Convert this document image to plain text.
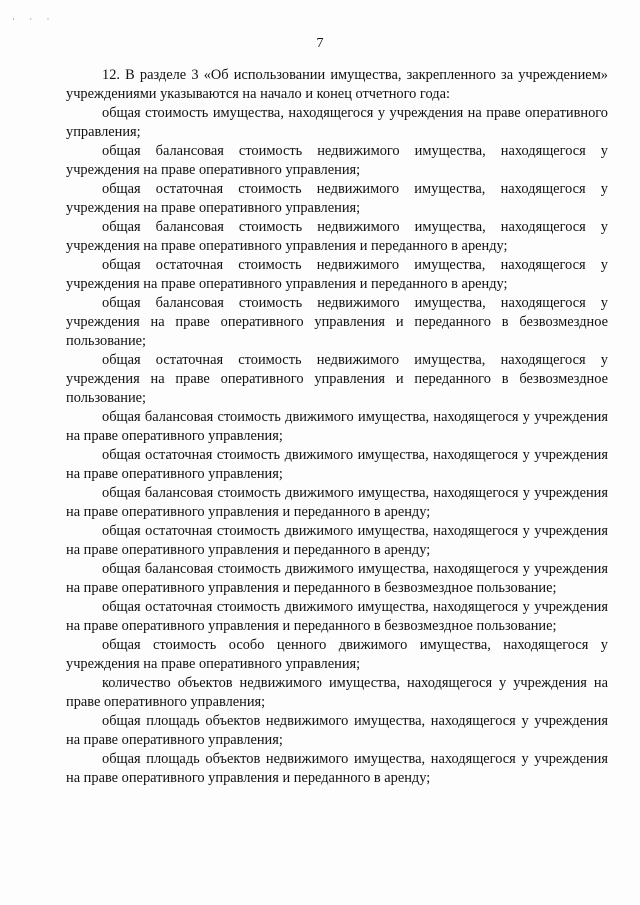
· · ·
7

12. В разделе 3 «Об использовании имущества, закрепленного за учреждением» учреждениями указываются на начало и конец отчетного года:

общая стоимость имущества, находящегося у учреждения на праве оперативного управления;

общая балансовая стоимость недвижимого имущества, находящегося у учреждения на праве оперативного управления;

общая остаточная стоимость недвижимого имущества, находящегося у учреждения на праве оперативного управления;

общая балансовая стоимость недвижимого имущества, находящегося у учреждения на праве оперативного управления и переданного в аренду;

общая остаточная стоимость недвижимого имущества, находящегося у учреждения на праве оперативного управления и переданного в аренду;

общая балансовая стоимость недвижимого имущества, находящегося у учреждения на праве оперативного управления и переданного в безвозмездное пользование;

общая остаточная стоимость недвижимого имущества, находящегося у учреждения на праве оперативного управления и переданного в безвозмездное пользование;

общая балансовая стоимость движимого имущества, находящегося у учреждения на праве оперативного управления;

общая остаточная стоимость движимого имущества, находящегося у учреждения на праве оперативного управления;

общая балансовая стоимость движимого имущества, находящегося у учреждения на праве оперативного управления и переданного в аренду;

общая остаточная стоимость движимого имущества, находящегося у учреждения на праве оперативного управления и переданного в аренду;

общая балансовая стоимость движимого имущества, находящегося у учреждения на праве оперативного управления и переданного в безвозмездное пользование;

общая остаточная стоимость движимого имущества, находящегося у учреждения на праве оперативного управления и переданного в безвозмездное пользование;

общая стоимость особо ценного движимого имущества, находящегося у учреждения на праве оперативного управления;

количество объектов недвижимого имущества, находящегося у учреждения на праве оперативного управления;

общая площадь объектов недвижимого имущества, находящегося у учреждения на праве оперативного управления;

общая площадь объектов недвижимого имущества, находящегося у учреждения на праве оперативного управления и переданного в аренду;
